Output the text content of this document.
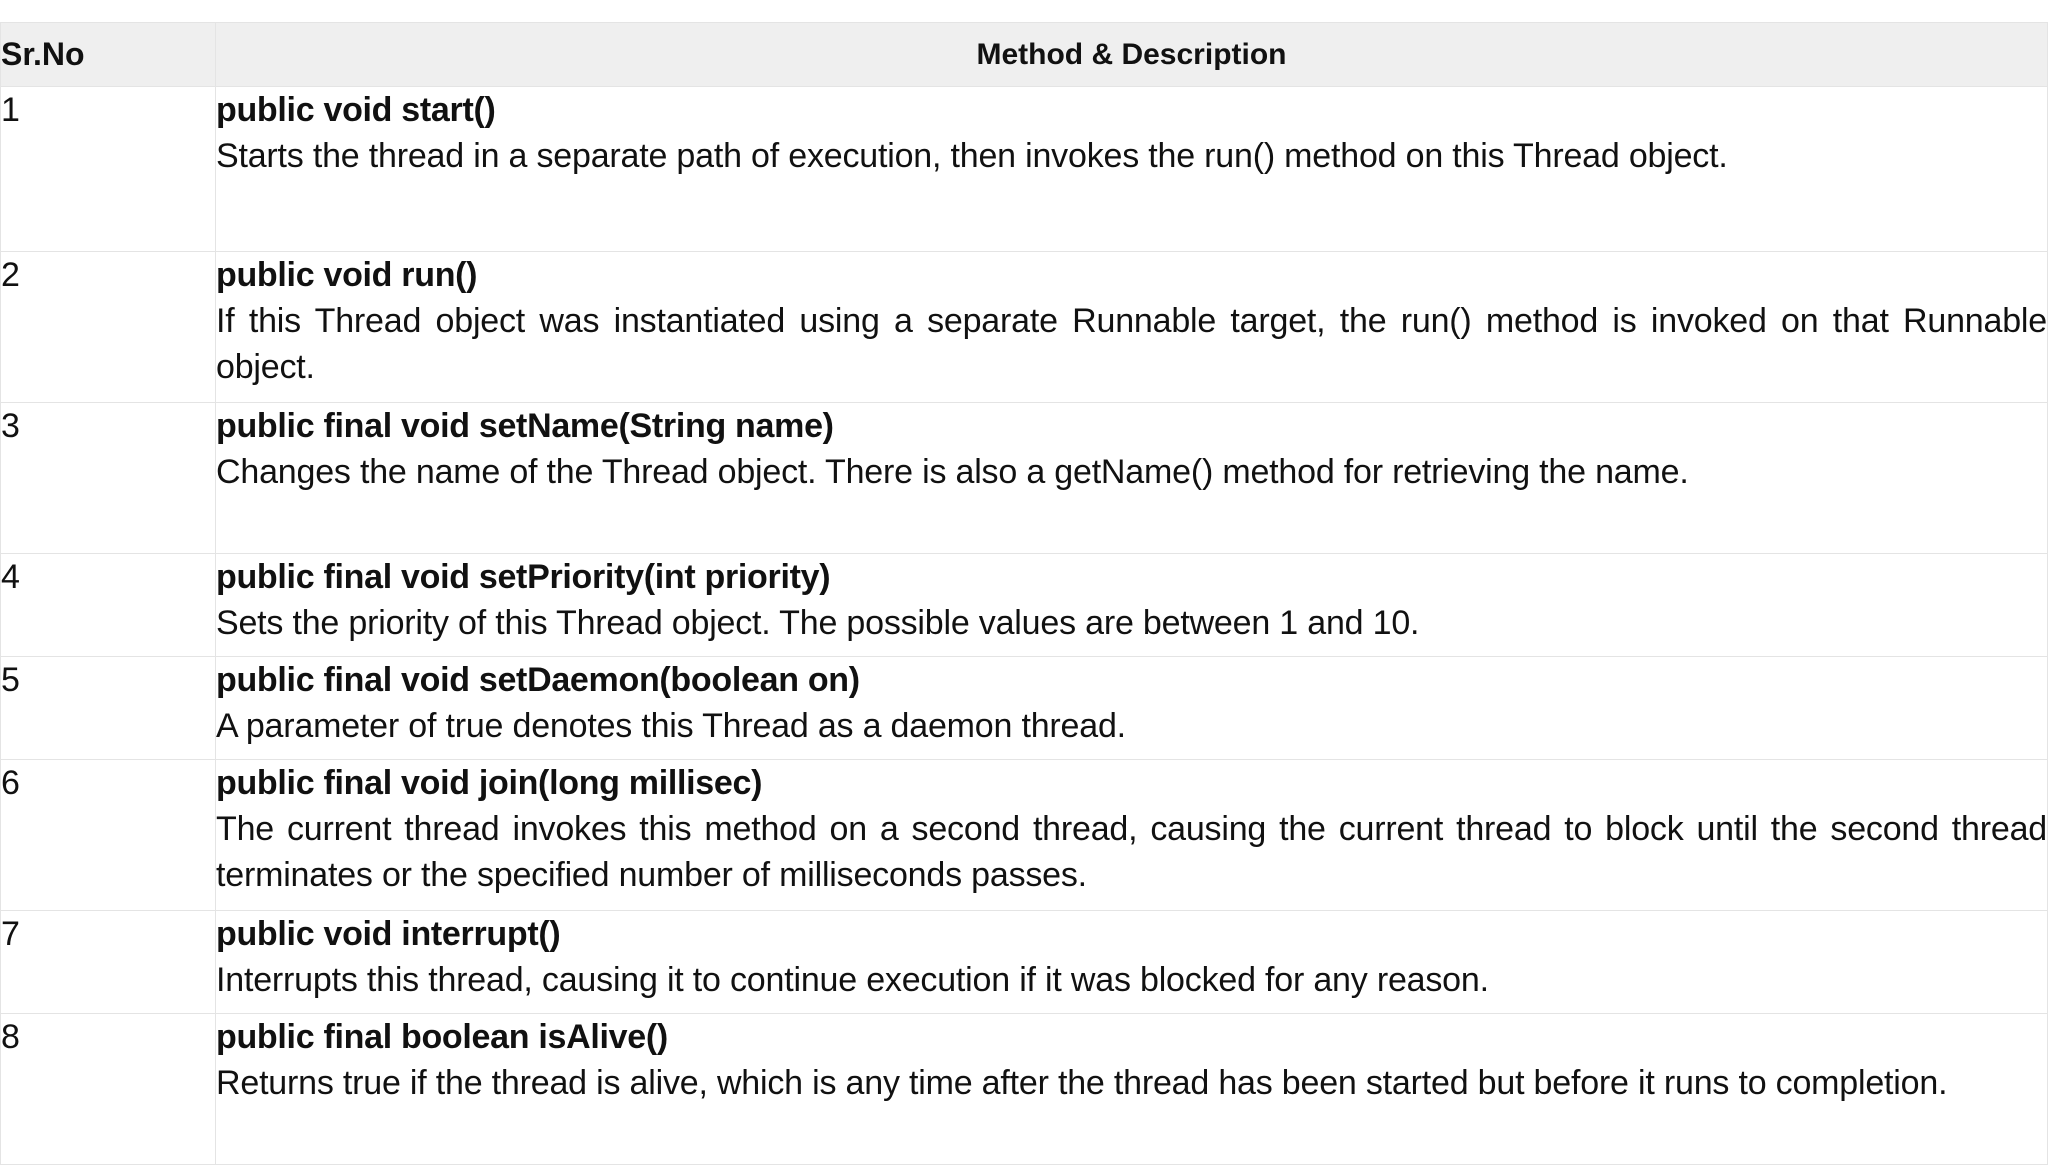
Sr.No	Method & Description
1	public void start()
Starts the thread in a separate path of execution, then invokes the run() method on this Thread object.

2	public void run()
If this Thread object was instantiated using a separate Runnable target, the run() method is invoked on that Runnable object.

3	public final void setName(String name)
Changes the name of the Thread object. There is also a getName() method for retrieving the name.

4	public final void setPriority(int priority)
Sets the priority of this Thread object. The possible values are between 1 and 10.

5	public final void setDaemon(boolean on)
A parameter of true denotes this Thread as a daemon thread.

6	public final void join(long millisec)
The current thread invokes this method on a second thread, causing the current thread to block until the second thread terminates or the specified number of milliseconds passes.

7	public void interrupt()
Interrupts this thread, causing it to continue execution if it was blocked for any reason.

8	public final boolean isAlive()
Returns true if the thread is alive, which is any time after the thread has been started but before it runs to completion.
